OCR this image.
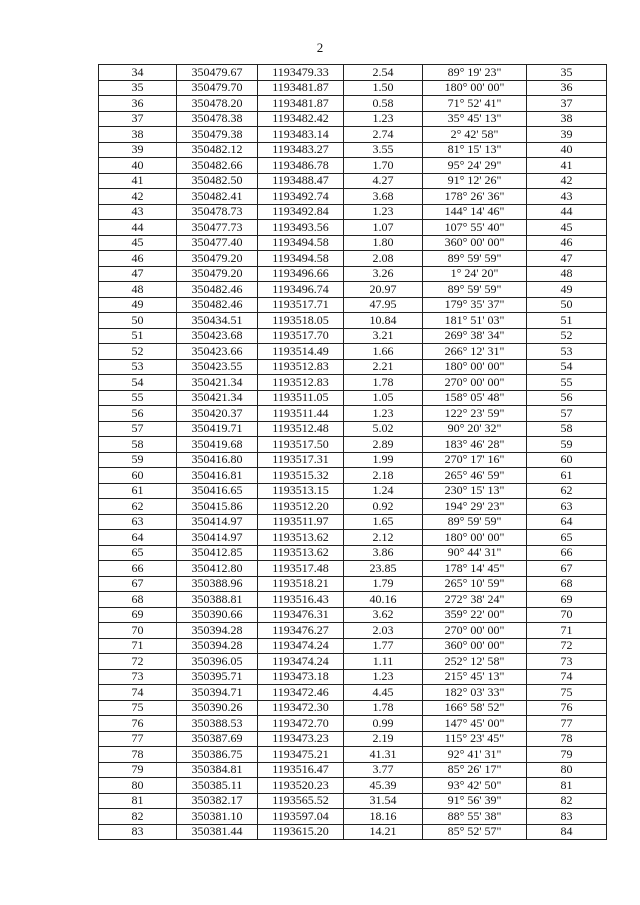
2
34	350479.67	1193479.33	2.54	89° 19' 23"	35
35	350479.70	1193481.87	1.50	180° 00' 00"	36
36	350478.20	1193481.87	0.58	71° 52' 41"	37
37	350478.38	1193482.42	1.23	35° 45' 13"	38
38	350479.38	1193483.14	2.74	2° 42' 58"	39
39	350482.12	1193483.27	3.55	81° 15' 13"	40
40	350482.66	1193486.78	1.70	95° 24' 29"	41
41	350482.50	1193488.47	4.27	91° 12' 26"	42
42	350482.41	1193492.74	3.68	178° 26' 36"	43
43	350478.73	1193492.84	1.23	144° 14' 46"	44
44	350477.73	1193493.56	1.07	107° 55' 40"	45
45	350477.40	1193494.58	1.80	360° 00' 00"	46
46	350479.20	1193494.58	2.08	89° 59' 59"	47
47	350479.20	1193496.66	3.26	1° 24' 20"	48
48	350482.46	1193496.74	20.97	89° 59' 59"	49
49	350482.46	1193517.71	47.95	179° 35' 37"	50
50	350434.51	1193518.05	10.84	181° 51' 03"	51
51	350423.68	1193517.70	3.21	269° 38' 34"	52
52	350423.66	1193514.49	1.66	266° 12' 31"	53
53	350423.55	1193512.83	2.21	180° 00' 00"	54
54	350421.34	1193512.83	1.78	270° 00' 00"	55
55	350421.34	1193511.05	1.05	158° 05' 48"	56
56	350420.37	1193511.44	1.23	122° 23' 59"	57
57	350419.71	1193512.48	5.02	90° 20' 32"	58
58	350419.68	1193517.50	2.89	183° 46' 28"	59
59	350416.80	1193517.31	1.99	270° 17' 16"	60
60	350416.81	1193515.32	2.18	265° 46' 59"	61
61	350416.65	1193513.15	1.24	230° 15' 13"	62
62	350415.86	1193512.20	0.92	194° 29' 23"	63
63	350414.97	1193511.97	1.65	89° 59' 59"	64
64	350414.97	1193513.62	2.12	180° 00' 00"	65
65	350412.85	1193513.62	3.86	90° 44' 31"	66
66	350412.80	1193517.48	23.85	178° 14' 45"	67
67	350388.96	1193518.21	1.79	265° 10' 59"	68
68	350388.81	1193516.43	40.16	272° 38' 24"	69
69	350390.66	1193476.31	3.62	359° 22' 00"	70
70	350394.28	1193476.27	2.03	270° 00' 00"	71
71	350394.28	1193474.24	1.77	360° 00' 00"	72
72	350396.05	1193474.24	1.11	252° 12' 58"	73
73	350395.71	1193473.18	1.23	215° 45' 13"	74
74	350394.71	1193472.46	4.45	182° 03' 33"	75
75	350390.26	1193472.30	1.78	166° 58' 52"	76
76	350388.53	1193472.70	0.99	147° 45' 00"	77
77	350387.69	1193473.23	2.19	115° 23' 45"	78
78	350386.75	1193475.21	41.31	92° 41' 31"	79
79	350384.81	1193516.47	3.77	85° 26' 17"	80
80	350385.11	1193520.23	45.39	93° 42' 50"	81
81	350382.17	1193565.52	31.54	91° 56' 39"	82
82	350381.10	1193597.04	18.16	88° 55' 38"	83
83	350381.44	1193615.20	14.21	85° 52' 57"	84
